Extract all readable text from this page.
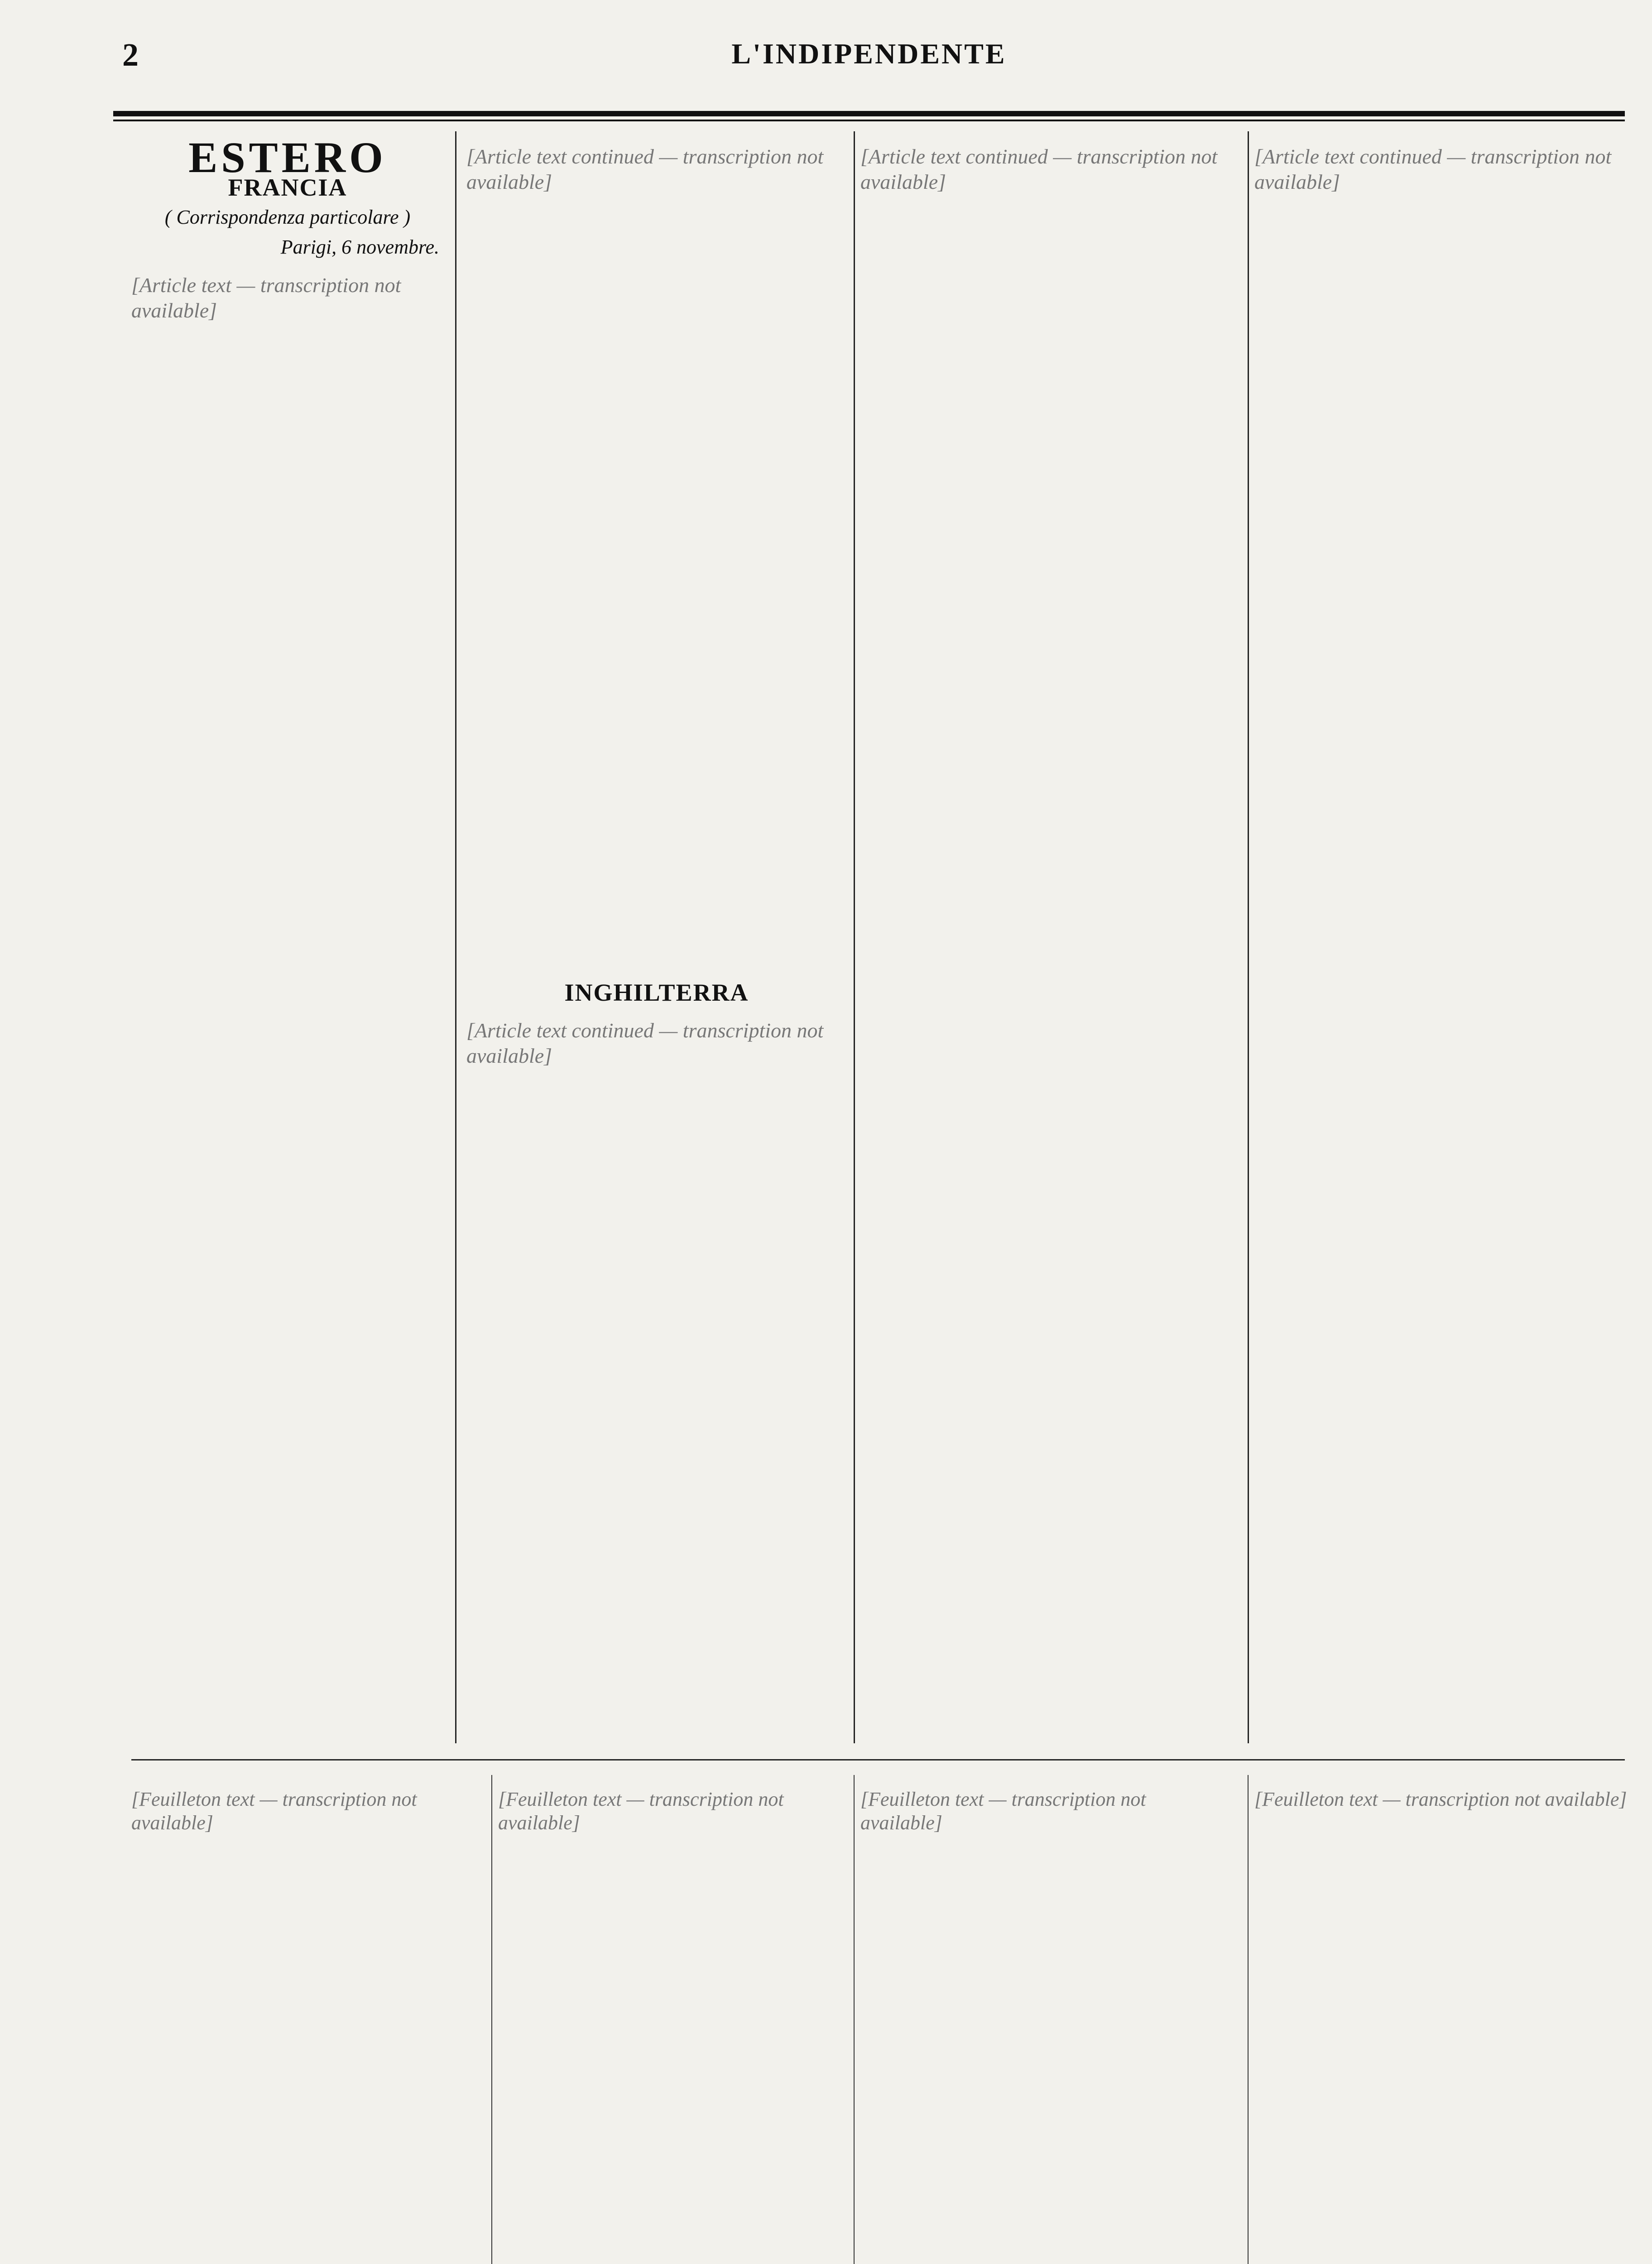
2	L'INDIPENDENTE
ESTERO
FRANCIA
( Corrispondenza particolare )
Parigi, 6 novembre.
[Article text — transcription not available]
[Article text continued — transcription not available]
INGHILTERRA
[Article text continued — transcription not available]
[Article text continued — transcription not available]
[Article text continued — transcription not available]
[Feuilleton text — transcription not available]
[Feuilleton text — transcription not available]
[Feuilleton text — transcription not available]
[Feuilleton text — transcription not available]
